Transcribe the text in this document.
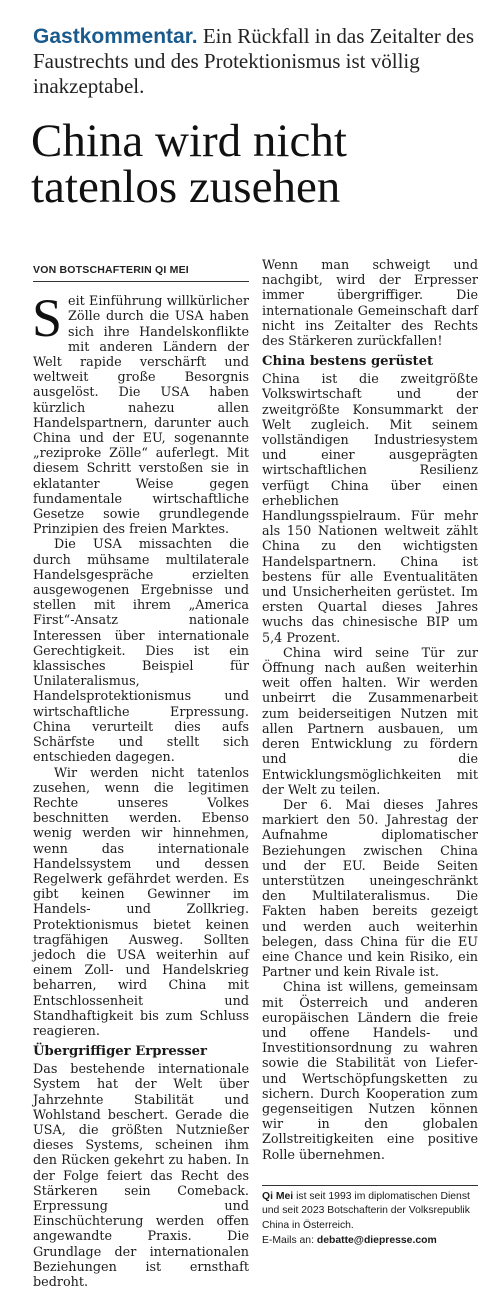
Gastkommentar. Ein Rückfall in das Zeitalter des Faustrechts und des Protektionismus ist völlig inakzeptabel.
China wird nicht tatenlos zusehen
VON BOTSCHAFTERIN QI MEI

Seit Einführung willkürlicher Zölle durch die USA haben sich ihre Handelskonflikte mit anderen Ländern der Welt rapide verschärft und weltweit große Besorgnis ausgelöst. Die USA haben kürzlich nahezu allen Handelspartnern, darunter auch China und der EU, sogenannte „reziproke Zölle“ auferlegt. Mit diesem Schritt verstoßen sie in eklatanter Weise gegen fundamentale wirtschaftliche Gesetze sowie grundlegende Prinzipien des freien Marktes.

Die USA missachten die durch mühsame multilaterale Handelsgespräche erzielten ausgewogenen Ergebnisse und stellen mit ihrem „America First“-Ansatz nationale Interessen über internationale Gerechtigkeit. Dies ist ein klassisches Beispiel für Unilateralismus, Handelsprotektionismus und wirtschaftliche Erpressung. China verurteilt dies aufs Schärfste und stellt sich entschieden dagegen.

Wir werden nicht tatenlos zusehen, wenn die legitimen Rechte unseres Volkes beschnitten werden. Ebenso wenig werden wir hinnehmen, wenn das internationale Handelssystem und dessen Regelwerk gefährdet werden. Es gibt keinen Gewinner im Handels- und Zollkrieg. Protektionismus bietet keinen tragfähigen Ausweg. Sollten jedoch die USA weiterhin auf einem Zoll- und Handelskrieg beharren, wird China mit Entschlossenheit und Standhaftigkeit bis zum Schluss reagieren.

Übergriffiger Erpresser

Das bestehende internationale System hat der Welt über Jahrzehnte Stabilität und Wohlstand beschert. Gerade die USA, die größten Nutznießer dieses Systems, scheinen ihm den Rücken gekehrt zu haben. In der Folge feiert das Recht des Stärkeren sein Comeback. Erpressung und Einschüchterung werden offen angewandte Praxis. Die Grundlage der internationalen Beziehungen ist ernsthaft bedroht.

Wenn man schweigt und nachgibt, wird der Erpresser immer übergriffiger. Die internationale Gemeinschaft darf nicht ins Zeitalter des Rechts des Stärkeren zurückfallen!

China bestens gerüstet

China ist die zweitgrößte Volkswirtschaft und der zweitgrößte Konsummarkt der Welt zugleich. Mit seinem vollständigen Industriesystem und einer ausgeprägten wirtschaftlichen Resilienz verfügt China über einen erheblichen Handlungsspielraum. Für mehr als 150 Nationen weltweit zählt China zu den wichtigsten Handelspartnern. China ist bestens für alle Eventualitäten und Unsicherheiten gerüstet. Im ersten Quartal dieses Jahres wuchs das chinesische BIP um 5,4 Prozent.

China wird seine Tür zur Öffnung nach außen weiterhin weit offen halten. Wir werden unbeirrt die Zusammenarbeit zum beiderseitigen Nutzen mit allen Partnern ausbauen, um deren Entwicklung zu fördern und die Entwicklungsmöglichkeiten mit der Welt zu teilen.

Der 6. Mai dieses Jahres markiert den 50. Jahrestag der Aufnahme diplomatischer Beziehungen zwischen China und der EU. Beide Seiten unterstützen uneingeschränkt den Multilateralismus. Die Fakten haben bereits gezeigt und werden auch weiterhin belegen, dass China für die EU eine Chance und kein Risiko, ein Partner und kein Rivale ist.

China ist willens, gemeinsam mit Österreich und anderen europäischen Ländern die freie und offene Handels- und Investitionsordnung zu wahren sowie die Stabilität von Liefer- und Wertschöpfungsketten zu sichern. Durch Kooperation zum gegenseitigen Nutzen können wir in den globalen Zollstreitigkeiten eine positive Rolle übernehmen.

Qi Mei ist seit 1993 im diplomatischen Dienst und seit 2023 Botschafterin der Volksrepublik China in Österreich.
E-Mails an: debatte@diepresse.com
